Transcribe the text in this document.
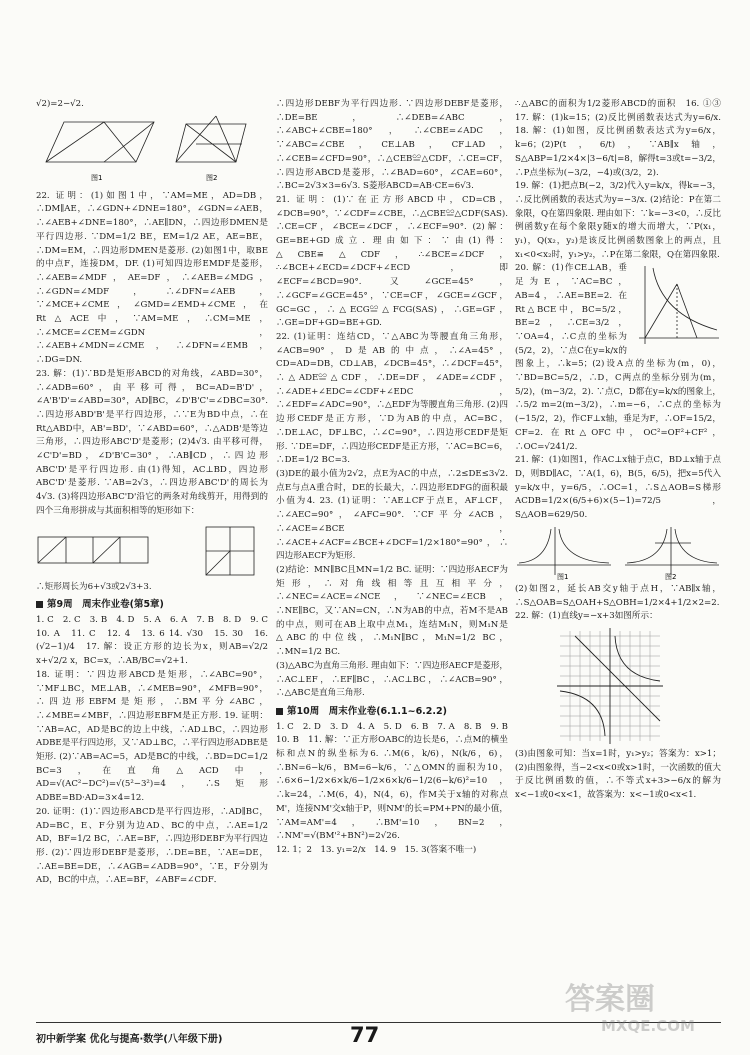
√2)=2−√2.

图1	图2

22. 证明：(1)如图1中，∵AM=ME，AD=DB，∴DM∥AE，∴∠GDN+∠DNE=180°，∠GDN=∠AEB，∴∠AEB+∠DNE=180°，∴AE∥DN，∴四边形DMEN是平行四边形. ∵DM=1/2 BE，EM=1/2 AE，AE=BE，∴DM=EM，∴四边形DMEN是菱形. (2)如图1中，取BE的中点F，连接DM，DF. (1)可知四边形EMDF是菱形，∴∠AEB=∠MDF，AE=DF，∴∠AEB=∠MDG，∴∠GDN=∠MDF，∴∠DFN=∠AEB，∵∠MCE+∠CME，∠GMD=∠EMD+∠CME，在Rt△ACE中，∵AM=ME，∴CM=ME，∴∠MCE=∠CEM=∠GDN，∴∠AEB+∠MDN=∠CME，∴∠DFN=∠EMB，∴DG=DN.

23. 解：(1)∵BD是矩形ABCD的对角线，∠ABD=30°，∴∠ADB=60°，由平移可得，BC=AD=B'D'，∠A'B'D'=∠ABD=30°，AD∥BC，∠D'B'C'=∠DBC=30°. ∴四边形ABD'B'是平行四边形，∴∵E为BD中点，∴在Rt△ABD中，AB'=BD'，∵∠ABD=60°，∴△ADB'是等边三角形，∴四边形ABC'D'是菱形；(2)4√3. 由平移可得，∠C'D'=BD，∠D'B'C=30°，∴AB∥CD，∴四边形ABC'D'是平行四边形. 由(1)得知，AC⊥BD，四边形ABC'D'是菱形. ∵AB=2√3，∴四边形ABC'D'的周长为4√3. (3)将四边形ABC'D'沿它的两条对角线剪开，用得到的四个三角形拼成与其面积相等的矩形如下：

∴矩形周长为6+√3或2√3+3.

第9周　周末作业卷(第5章)

1. C　2. C　3. B　4. D　5. A　6. A　7. B　8. D　9. C　10. A　11. C　12. 4　13. 6 14. √30　15. 30　16. (√2−1)/4　17. 解：设正方形的边长为x，则AB=√2/2 x+√2/2 x，BC=x，∴AB/BC=√2+1.

18. 证明：∵四边形ABCD是矩形，∴∠ABC=90°，∵MF⊥BC，ME⊥AB，∴∠MEB=90°，∠MFB=90°，∴四边形EBFM是矩形，∴BM平分∠ABC，∴∠MBE=∠MBF，∴四边形EBFM是正方形. 19. 证明：∵AB=AC，AD是BC的边上中线，∴AD⊥BC，∴四边形ADBE是平行四边形，又∵AD⊥BC，∴平行四边形ADBE是矩形. (2)∵AB=AC=5，AD是BC的中线，∴BD=DC=1/2 BC=3，在直角△ACD中，AD=√(AC²−DC²)=√(5²−3²)=4，∴S矩形ADBE=BD·AD=3×4=12.

20. 证明：(1)∵四边形ABCD是平行四边形，∴AD∥BC，AD=BC，E、F分别为边AD、BC的中点，∴AE=1/2 AD，BF=1/2 BC，∴AE=BF，∴四边形DEBF为平行四边形. (2)∵四边形DEBF是菱形，∴DE=BE，∵AE=DE，∴AE=BE=DE，∴∠AGB=∠ADB=90°，∵E，F分别为AD，BC的中点，∴AE=BF，∠ABF=∠CDF．

∴四边形DEBF为平行四边形. ∵四边形DEBF是菱形，∴DE=BE，∴∠DEB=∠ABC，∴∠ABC+∠CBE=180°，∴∠CBE=∠ADC，∵∠ABC=∠CBE，CE⊥AB，CF⊥AD，∴∠CEB=∠CFD=90°，∴△CEB≌△CDF，∴CE=CF，∴四边形ABCD是菱形，∴∠BAD=60°，∠CAE=60°，∴BC=2√3×3=6√3. S菱形ABCD=AB·CE=6√3.

21. 证明：(1)∵在正方形ABCD中，CD=CB，∠DCB=90°，∵∠CDF=∠CBE，∴△CBE≌△CDF(SAS). ∴CE=CF，∠BCE=∠DCF，∴∠ECF=90°. (2)解：GE=BE+GD成立. 理由如下：∵由(1)得：△CBE≌△CDF，∴∠BCE=∠DCF，∴∠BCE+∠ECD=∠DCF+∠ECD，即∠ECF=∠BCD=90°. 又∠GCE=45°，∴∠GCF=∠GCE=45°，∵CE=CF，∠GCE=∠GCF，GC=GC，∴△ECG≌△FCG(SAS)，∴GE=GF，∴GE=DF+GD=BE+GD.

22. (1)证明：连结CD，∵△ABC为等腰直角三角形，∠ACB=90°，D是AB的中点，∴∠A=45°，CD=AD=DB，CD⊥AB，∠DCB=45°，∴∠DCF=45°，∴△ADE≌△CDF，∴DE=DF，∠ADE=∠CDF，∴∠ADE+∠EDC=∠CDF+∠EDC，∴∠EDF=∠ADC=90°，∴△EDF为等腰直角三角形. (2)四边形CEDF是正方形，∵D为AB的中点，AC=BC，∴DE⊥AC，DF⊥BC，∴∠C=90°，∴四边形CEDF是矩形. ∵DE=DF，∴四边形CEDF是正方形，∵AC=BC=6，∴DE=1/2 BC=3.

(3)DE的最小值为2√2，点E为AC的中点，∴2≤DE≤3√2. 点E与点A重合时，DE的长最大，∴四边形EDFG的面积最小值为4. 23. (1)证明：∵AE⊥CF于点E，AF⊥CF，∴∠AEC=90°，∠AFC=90°. ∵CF平分∠ACB，∴∠ACE=∠BCE，∴∠ACE+∠ACF=∠BCE+∠DCF=1/2×180°=90°，∴四边形AECF为矩形.

(2)结论：MN∥BC且MN=1/2 BC. 证明：∵四边形AECF为矩形，∴对角线相等且互相平分，∴∠NEC=∠ACE=∠NCE，∵∠NEC=∠ECB，∴NE∥BC，又∵AN=CN，∴N为AB的中点，若M不是AB的中点，则可在AB上取中点M₁，连结M₁N，则M₁N是△ABC的中位线，∴M₁N∥BC，M₁N=1/2 BC，∴MN=1/2 BC.

(3)△ABC为直角三角形. 理由如下：∵四边形AECF是菱形，∴AC⊥EF，∴EF∥BC，∴AC⊥BC，∴∠ACB=90°，∴△ABC是直角三角形.

第10周　周末作业卷(6.1.1~6.2.2)

1. C　2. D　3. D　4. A　5. D　6. B　7. A　8. B　9. B　10. B　11. 解：∵正方形OABC的边长是6，∴点M的横坐标和点N的纵坐标为6. ∴M(6，k/6)，N(k/6，6)，∴BN=6−k/6，BM=6−k/6，∵△OMN的面积为10，∴6×6−1/2×6×k/6−1/2×6×k/6−1/2(6−k/6)²=10，∴k=24，∴M(6，4)，N(4，6)，作M关于x轴的对称点M'，连接NM'交x轴于P，则NM'的长=PM+PN的最小值，∵AM=AM'=4，∴BM'=10，BN=2，∴NM'=√(BM'²+BN²)=2√26.

12. 1；2　13. y₁=2/x　14. 9　15. 3(答案不唯一)

∴△ABC的面积为1/2菱形ABCD的面积　16. ①③　17. 解：(1)k=15；(2)反比例函数表达式为y=6/x. 18. 解：(1)如图，反比例函数表达式为y=6/x，k=6；(2)P(t，6/t)，∵AB∥x轴，S△ABP=1/2×4×|3−6/t|=8，解得t=3或t=−3/2，∴P点坐标为(−3/2，−4)或(3/2，2).

19. 解：(1)把点B(−2，3/2)代入y=k/x，得k=−3，∴反比例函数的表达式为y=−3/x. (2)结论：P在第二象限，Q在第四象限. 理由如下：∵k=−3<0，∴反比例函数y在每个象限y随x的增大而增大，∵P(x₁，y₁)，Q(x₂，y₂)是该反比例函数图象上的两点，且x₁<0<x₂时，y₁>y₂，∴P在第二象限，Q在第四象限.

20. 解：(1)作CE⊥AB，垂足为E，∵AC=BC，AB=4，∴AE=BE=2. 在Rt△BCE中，BC=5/2，BE=2，∴CE=3/2，∵OA=4，∴C点的坐标为(5/2，2)，∵点C在y=k/x的图象上，∴k=5；(2)设A点的坐标为(m，0)，∵BD=BC=5/2，∴D，C两点的坐标分别为(m，5/2)，(m−3/2，2). ∵点C，D都在y=k/x的图象上，∴5/2 m=2(m−3/2)，∴m=−6，∴C点的坐标为(−15/2，2)，作CF⊥x轴，垂足为F，∴OF=15/2，CF=2. 在Rt△OFC中，OC²=OF²+CF²，∴OC=√241/2.

21. 解：(1)如图1，作AC⊥x轴于点C，BD⊥x轴于点D，则BD∥AC，∵A(1，6)，B(5，6/5)，把x=5代入y=k/x中，y=6/5，∴OC=1，∴S△AOB=S梯形ACDB=1/2×(6/5+6)×(5−1)=72/5，S△AOB=629/50.

图1	图2

(2)如图2，延长AB交y轴于点H，∵AB∥x轴，∴S△OAB=S△OAH+S△OBH=1/2×4+1/2×2=2.

22. 解：(1)直线y=−x+3如图所示：

(3)由图象可知：当x=1时，y₁>y₂；答案为：x>1；(2)由图象得，当−2<x<0或x>1时，一次函数的值大于反比例函数的值，∴不等式x+3>−6/x的解为x<−1或0<x<1，故答案为：x<−1或0<x<1.

初中新学案 优化与提高·数学(八年级下册)	77
答案圈
MXQE.COM
